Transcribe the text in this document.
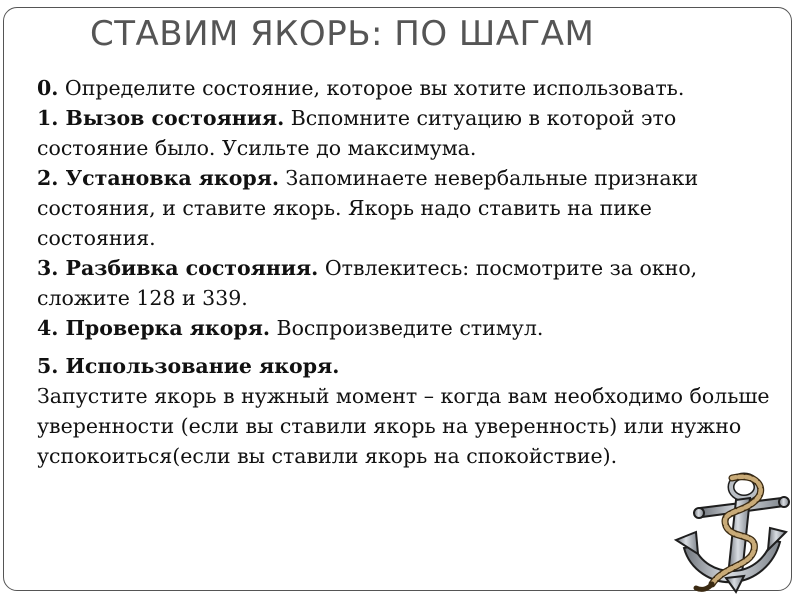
СТАВИМ ЯКОРЬ: ПО ШАГАМ

0. Определите состояние, которое вы хотите использовать.

1. Вызов состояния. Вспомните ситуацию в которой это состояние было. Усильте до максимума.

2. Установка якоря. Запоминаете невербальные признаки состояния, и ставите якорь. Якорь надо ставить на пике состояния.

3. Разбивка состояния. Отвлекитесь: посмотрите за окно, сложите 128 и 339.

4. Проверка якоря. Воспроизведите стимул.

5. Использование якоря.
Запустите якорь в нужный момент – когда вам необходимо больше уверенности (если вы ставили якорь на уверенность) или нужно успокоиться(если вы ставили якорь на спокойствие).
